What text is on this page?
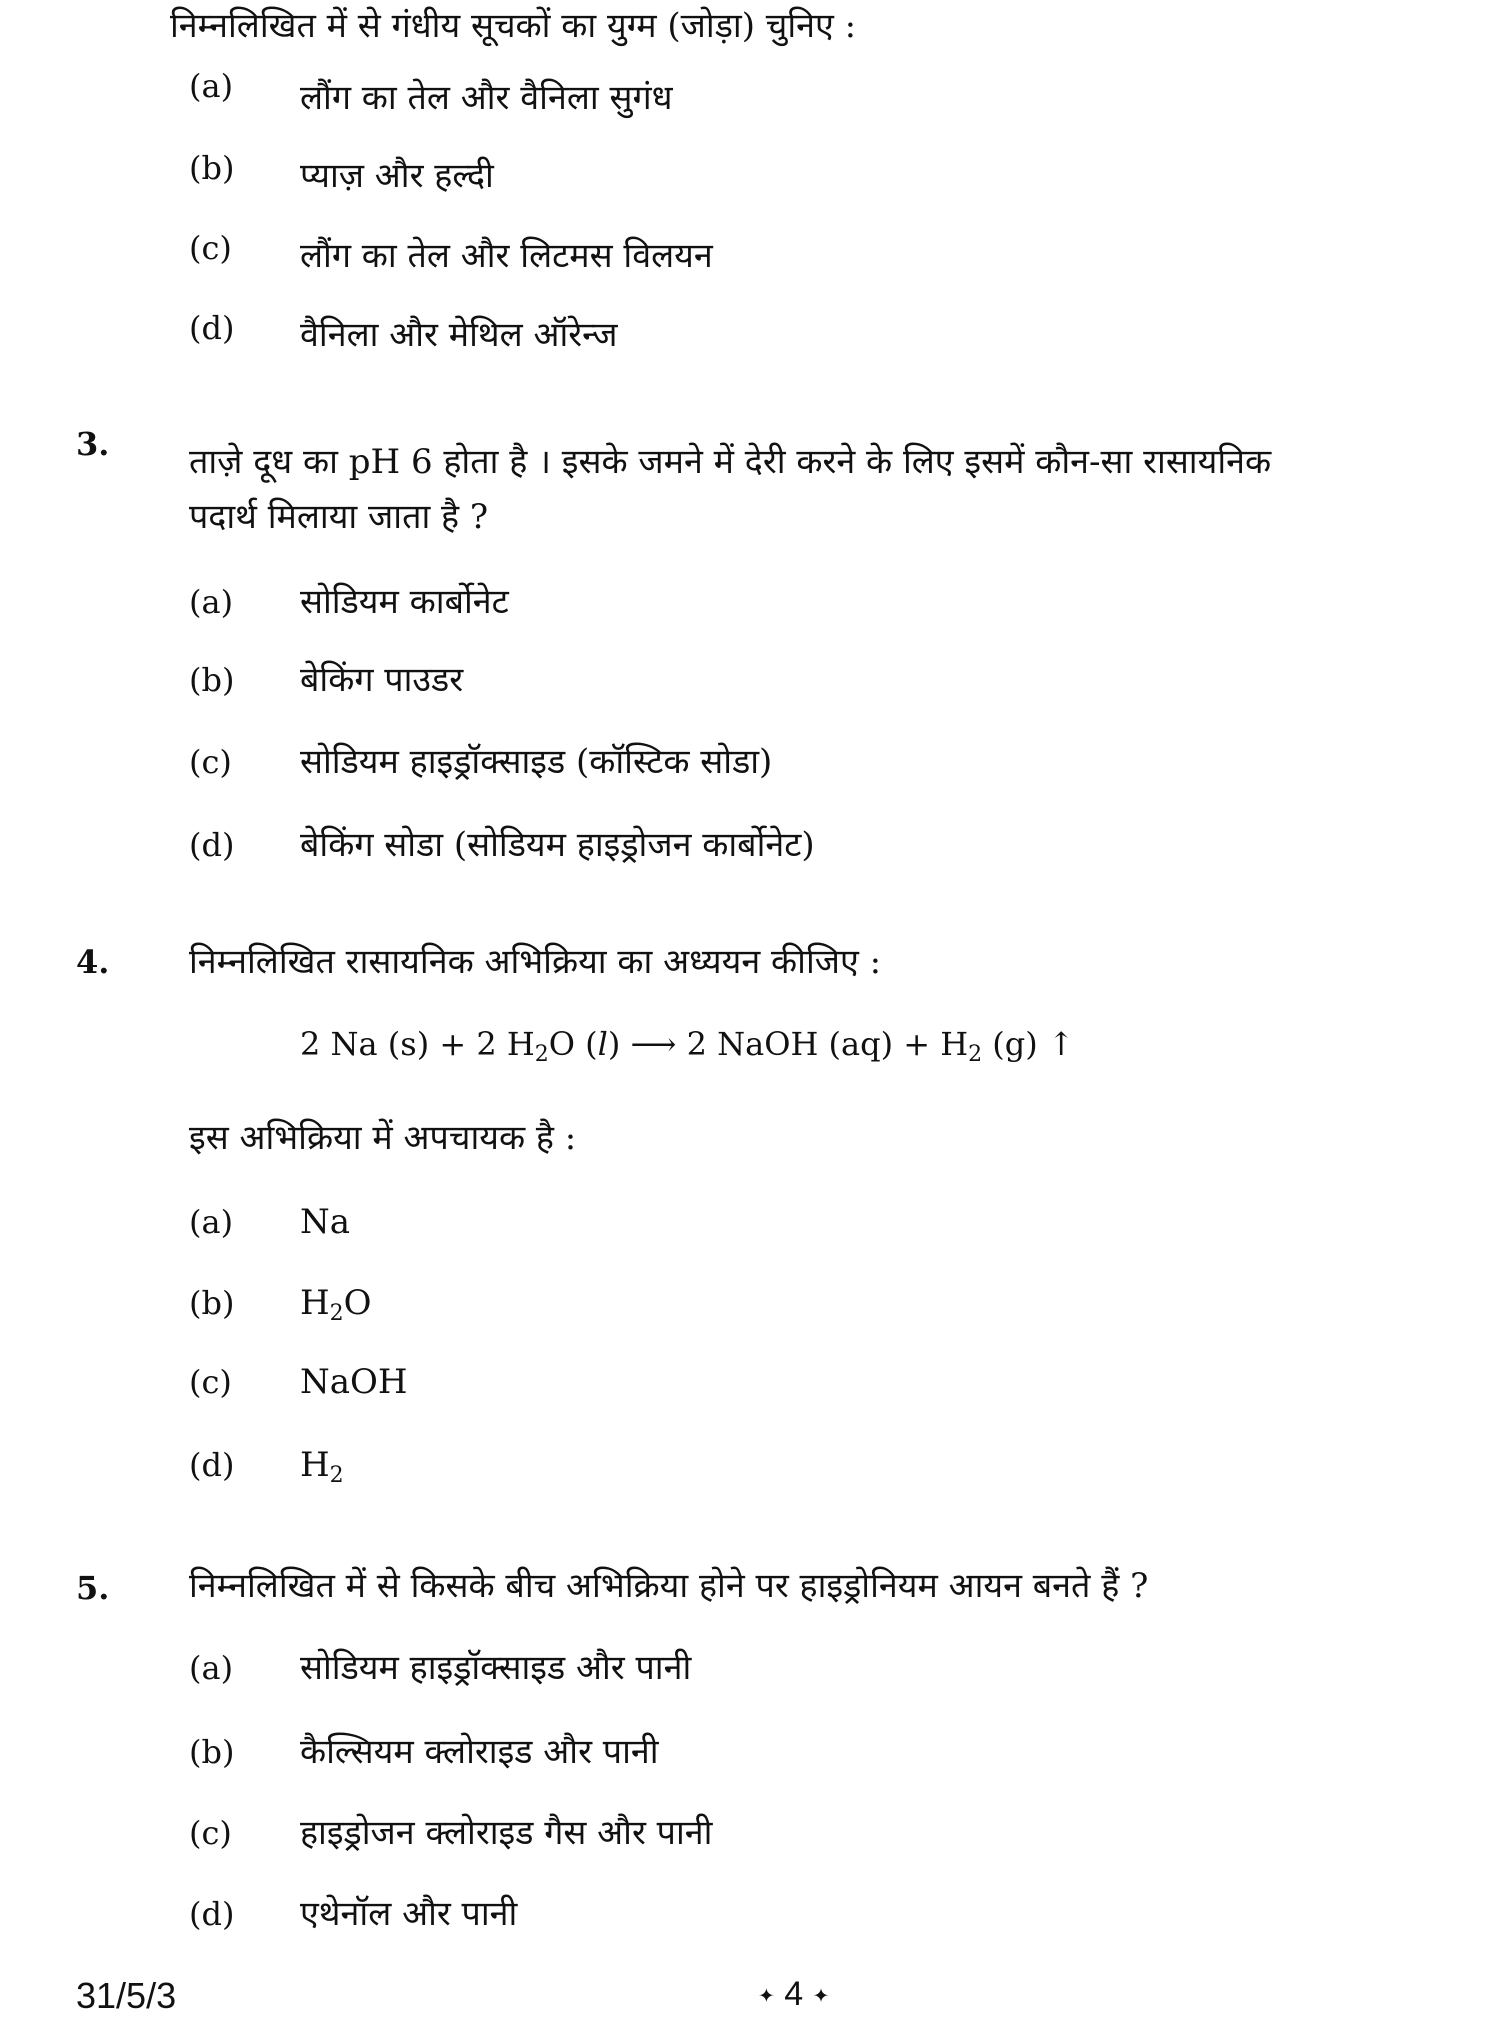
निम्नलिखित में से गंधीय सूचकों का युग्म (जोड़ा) चुनिए :
(a) लौंग का तेल और वैनिला सुगंध
(b) प्याज़ और हल्दी
(c) लौंग का तेल और लिटमस विलयन
(d) वैनिला और मेथिल ऑरेन्ज
3. ताज़े दूध का pH 6 होता है । इसके जमने में देरी करने के लिए इसमें कौन-सा रासायनिक
पदार्थ मिलाया जाता है ?
(a) सोडियम कार्बोनेट
(b) बेकिंग पाउडर
(c) सोडियम हाइड्रॉक्साइड (कॉस्टिक सोडा)
(d) बेकिंग सोडा (सोडियम हाइड्रोजन कार्बोनेट)
4. निम्नलिखित रासायनिक अभिक्रिया का अध्ययन कीजिए :
2 Na (s) + 2 $H_2O$ (l) ⟶ 2 NaOH $(aq) + H_2$ (g) ↑
इस अभिक्रिया में अपचायक है :
(a) Na
(b) $H_2O$
(c) NaOH
(d) $H_2$
5. निम्नलिखित में से किसके बीच अभिक्रिया होने पर हाइड्रोनियम आयन बनते हैं ?
(a) सोडियम हाइड्रॉक्साइड और पानी
(b) कैल्सियम क्लोराइड और पानी
(c) हाइड्रोजन क्लोराइड गैस और पानी
(d) एथेनॉल और पानी
31/5/3	✦ 4 ✦
